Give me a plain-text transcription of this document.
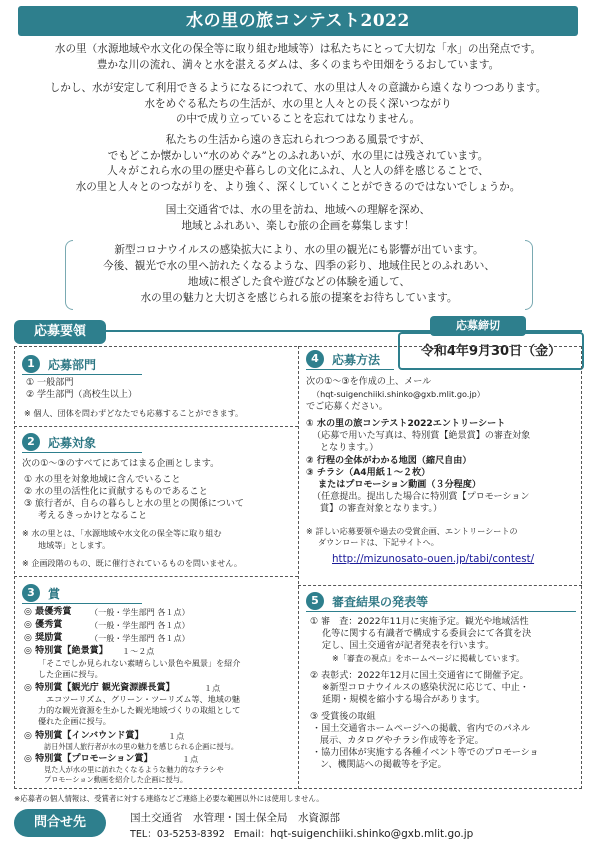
水の里の旅コンテスト2022
水の里（水源地域や水文化の保全等に取り組む地域等）は私たちにとって大切な「水」の出発点です。
豊かな川の流れ、満々と水を湛えるダムは、多くのまちや田畑をうるおしています。
しかし、水が安定して利用できるようになるにつれて、水の里は人々の意識から遠くなりつつあります。
水をめぐる私たちの生活が、水の里と人々との長く深いつながり
の中で成り立っていることを忘れてはなりません。
私たちの生活から遠のき忘れられつつある風景ですが、
でもどこか懐かしい“水のめぐみ”とのふれあいが、水の里には残されています。
人々がこれら水の里の歴史や暮らしの文化にふれ、人と人の絆を感じることで、
水の里と人々とのつながりを、より強く、深くしていくことができるのではないでしょうか。
国土交通省では、水の里を訪ね、地域への理解を深め、
地域とふれあい、楽しむ旅の企画を募集します！
新型コロナウイルスの感染拡大により、水の里の観光にも影響が出ています。
今後、観光で水の里へ訪れたくなるような、四季の彩り、地域住民とのふれあい、
地域に根ざした食や遊びなどの体験を通して、
水の里の魅力と大切さを感じられる旅の提案をお待ちしています。
応募要領	応募締切
令和4年9月30日（金）
1	応募部門
① 一般部門
② 学生部門（高校生以上）
※ 個人、団体を問わずどなたでも応募することができます。
2	応募対象
次の①～③のすべてにあてはまる企画とします。
① 水の里を対象地域に含んでいること
② 水の里の活性化に貢献するものであること
③ 旅行者が、自らの暮らしと水の里との関係について
考えるきっかけとなること
※ 水の里とは、「水源地域や水文化の保全等に取り組む
地域等」とします。
※ 企画段階のもの、既に催行されているものを問いません。
3	賞
◎ 最優秀賞 （一般・学生部門 各１点）
◎ 優秀賞	（一般・学生部門 各１点）
◎ 奨励賞	（一般・学生部門 各１点）
◎ 特別賞【絶景賞】 １～２点
「そこでしか見られない素晴らしい景色や風景」を紹介
した企画に授与。
◎ 特別賞【観光庁 観光資源課長賞】	１点
エコツーリズム、グリーン・ツーリズム等、地域の魅
力的な観光資源を生かした観光地域づくりの取組として
優れた企画に授与。
◎ 特別賞【インバウンド賞】	１点
訪日外国人旅行者が水の里の魅力を感じられる企画に授与。
◎ 特別賞【プロモーション賞】	１点
見た人が水の里に訪れたくなるような魅力的なチラシや
プロモーション動画を紹介した企画に授与。
4	応募方法
次の①～③を作成の上、メール
（hqt-suigenchiiki.shinko@gxb.mlit.go.jp）
でご応募ください。
① 水の里の旅コンテスト2022エントリーシート
（応募で用いた写真は、特別賞【絶景賞】の審査対象
となります。）
② 行程の全体がわかる地図（縮尺自由）
③ チラシ（A4用紙１～２枚）
またはプロモーション動画（３分程度）
（任意提出。提出した場合に特別賞【プロモーション
賞】の審査対象となります。）
※ 詳しい応募要領や過去の受賞企画、エントリーシートの
ダウンロードは、下記サイトへ。
http://mizunosato-ouen.jp/tabi/contest/
5	審査結果の発表等
① 審　査：2022年11月に実施予定。観光や地域活性
化等に関する有識者で構成する委員会にて各賞を決
定し、国土交通省が記者発表を行います。
※「審査の視点」をホームページに掲載しています。
② 表彰式：2022年12月に国土交通省にて開催予定。
※新型コロナウイルスの感染状況に応じて、中止・
延期・規模を縮小する場合があります。
③ 受賞後の取組
・国土交通省ホームページへの掲載、省内でのパネル
展示、カタログやチラシ作成等を予定。
・協力団体が実施する各種イベント等でのプロモーショ
ン、機関誌への掲載等を予定。
※応募者の個人情報は、受賞者に対する連絡などご連絡上必要な範囲以外には使用しません。
問合せ先	国土交通省　水管理・国土保全局　水資源部
TEL：03-5253-8392 Email：hqt-suigenchiiki.shinko@gxb.mlit.go.jp
